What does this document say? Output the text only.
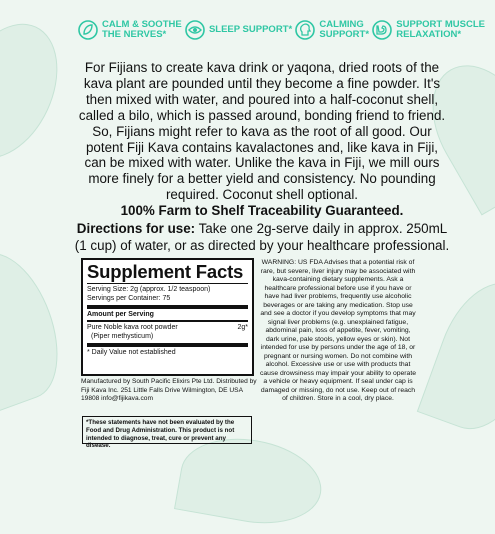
CALM & SOOTHE
THE NERVES*	SLEEP SUPPORT*	CALMING
SUPPORT*
SUPPORT MUSCLE
RELAXATION*
For Fijians to create kava drink or yaqona, dried roots of the kava plant are pounded until they become a fine powder. It's then mixed with water, and poured into a half-coconut shell, called a bilo, which is passed around, bonding friend to friend. So, Fijians might refer to kava as the root of all good. Our potent Fiji Kava contains kavalactones and, like kava in Fiji, can be mixed with water. Unlike the kava in Fiji, we mill ours more finely for a better yield and consistency. No pounding required. Coconut shell optional.
100% Farm to Shelf Traceability Guaranteed.
Directions for use: Take one 2g-serve daily in approx. 250mL (1 cup) of water, or as directed by your healthcare professional.
Supplement Facts
Serving Size: 2g (approx. 1/2 teaspoon)
Servings per Container: 75
Amount per Serving
Pure Noble kava root powder	2g*
(Piper methysticum)
* Daily Value not established
Manufactured by South Pacific Elixirs Pte Ltd. Distributed by Fiji Kava Inc. 251 Little Falls Drive Wilmington, DE USA 19808 info@fijikava.com
*These statements have not been evaluated by the Food and Drug Administration. This product is not intended to diagnose, treat, cure or prevent any disease.
WARNING: US FDA Advises that a potential risk of rare, but severe, liver injury may be associated with kava-containing dietary supplements. Ask a healthcare professional before use if you have or have had liver problems, frequently use alcoholic beverages or are taking any medication. Stop use and see a doctor if you develop symptoms that may signal liver problems (e.g. unexplained fatigue, abdominal pain, loss of appetite, fever, vomiting, dark urine, pale stools, yellow eyes or skin). Not intended for use by persons under the age of 18, or pregnant or nursing women. Do not combine with alcohol. Excessive use or use with products that cause drowsiness may impair your ability to operate a vehicle or heavy equipment. If seal under cap is damaged or missing, do not use. Keep out of reach of children. Store in a cool, dry place.
